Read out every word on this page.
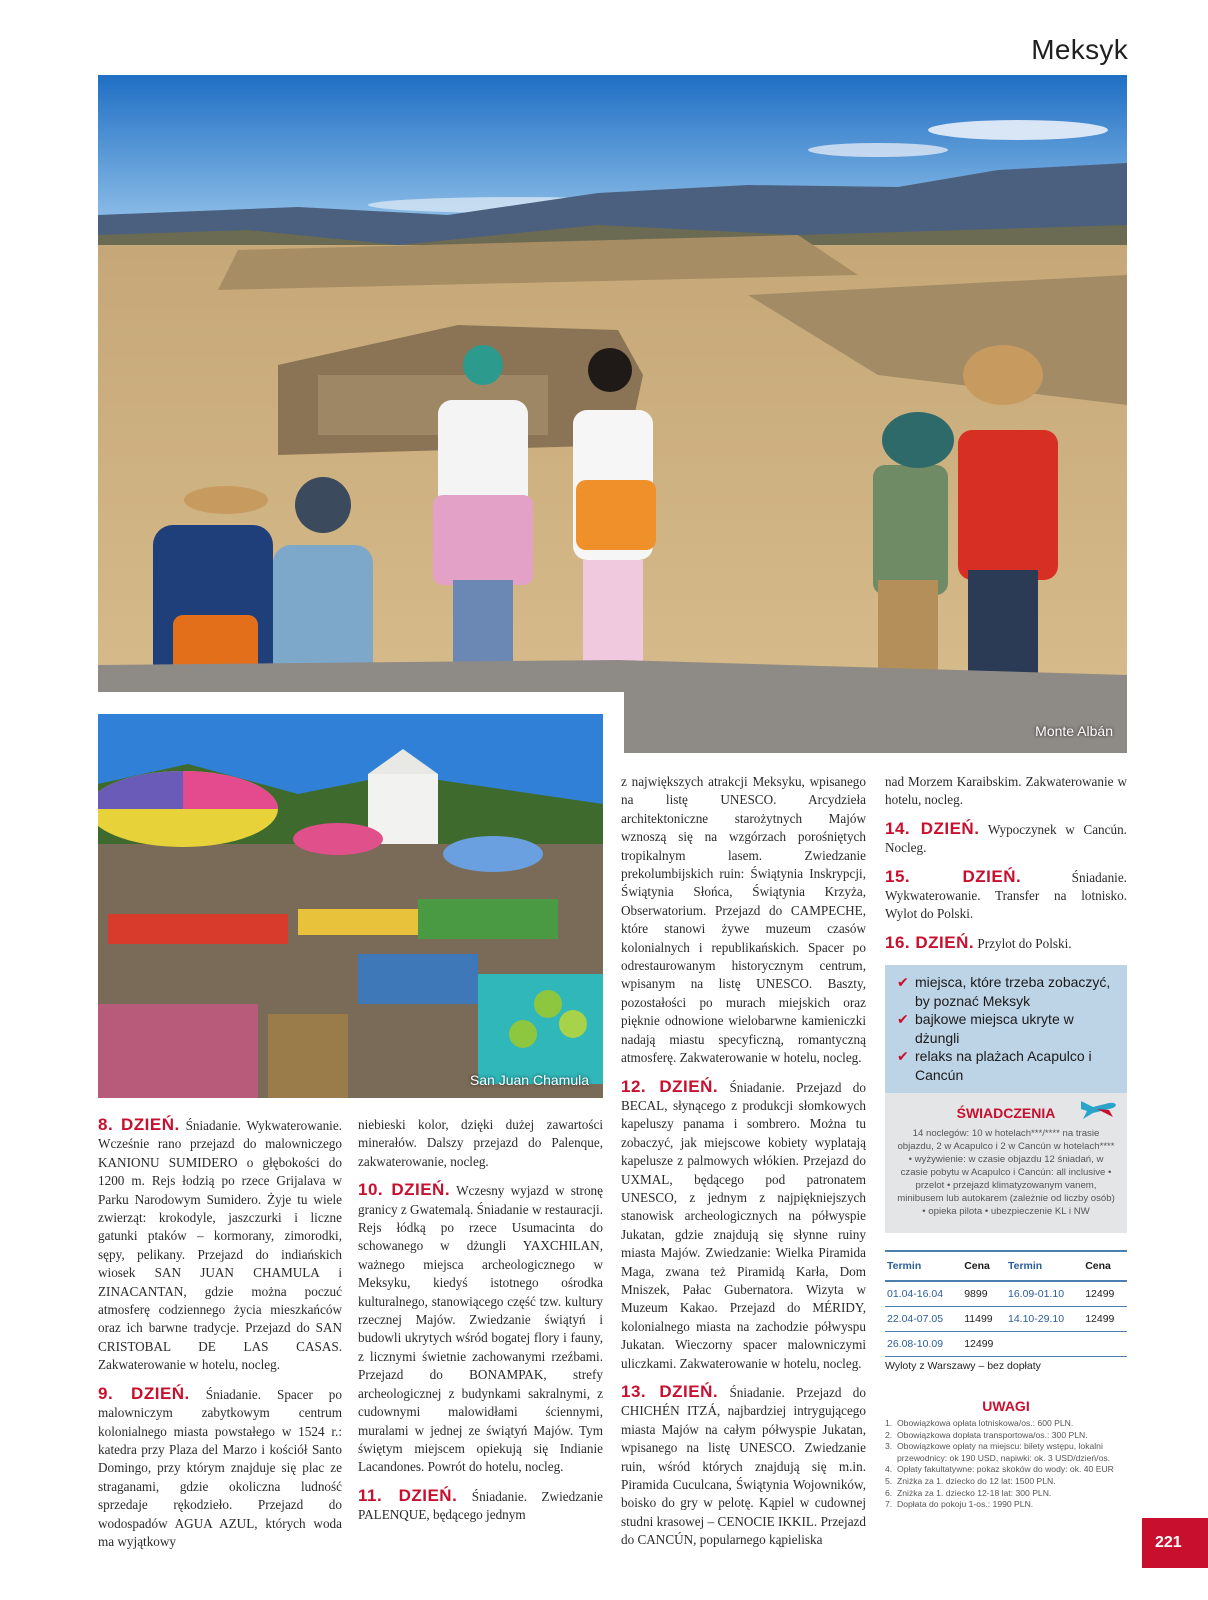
Meksyk
Monte Albán
San Juan Chamula

8. DZIEŃ. Śniadanie. Wykwaterowanie. Wcześnie rano przejazd do malowniczego KANIONU SUMIDERO o głębokości do 1200 m. Rejs łodzią po rzece Grijalava w Parku Narodowym Sumidero. Żyje tu wiele zwierząt: krokodyle, jaszczurki i liczne gatunki ptaków – kormorany, zimorodki, sępy, pelikany. Przejazd do indiańskich wiosek SAN JUAN CHAMULA i ZINACANTAN, gdzie można poczuć atmosferę codziennego życia mieszkańców oraz ich barwne tradycje. Przejazd do SAN CRISTOBAL DE LAS CASAS. Zakwaterowanie w hotelu, nocleg.

9. DZIEŃ. Śniadanie. Spacer po malowniczym zabytkowym centrum kolonialnego miasta powstałego w 1524 r.: katedra przy Plaza del Marzo i kościół Santo Domingo, przy którym znajduje się plac ze straganami, gdzie okoliczna ludność sprzedaje rękodzieło. Przejazd do wodospadów AGUA AZUL, których woda ma wyjątkowy

niebieski kolor, dzięki dużej zawartości minerałów. Dalszy przejazd do Palenque, zakwaterowanie, nocleg.

10. DZIEŃ. Wczesny wyjazd w stronę granicy z Gwatemalą. Śniadanie w restauracji. Rejs łódką po rzece Usumacinta do schowanego w dżungli YAXCHILAN, ważnego miejsca archeologicznego w Meksyku, kiedyś istotnego ośrodka kulturalnego, stanowiącego część tzw. kultury rzecznej Majów. Zwiedzanie świątyń i budowli ukrytych wśród bogatej flory i fauny, z licznymi świetnie zachowanymi rzeźbami. Przejazd do BONAMPAK, strefy archeologicznej z budynkami sakralnymi, z cudownymi malowidłami ściennymi, muralami w jednej ze świątyń Majów. Tym świętym miejscem opiekują się Indianie Lacandones. Powrót do hotelu, nocleg.

11. DZIEŃ. Śniadanie. Zwiedzanie PALENQUE, będącego jednym

z największych atrakcji Meksyku, wpisanego na listę UNESCO. Arcydzieła architektoniczne starożytnych Majów wznoszą się na wzgórzach porośniętych tropikalnym lasem. Zwiedzanie prekolumbijskich ruin: Świątynia Inskrypcji, Świątynia Słońca, Świątynia Krzyża, Obserwatorium. Przejazd do CAMPECHE, które stanowi żywe muzeum czasów kolonialnych i republikańskich. Spacer po odrestaurowanym historycznym centrum, wpisanym na listę UNESCO. Baszty, pozostałości po murach miejskich oraz pięknie odnowione wielobarwne kamieniczki nadają miastu specyficzną, romantyczną atmosferę. Zakwaterowanie w hotelu, nocleg.

12. DZIEŃ. Śniadanie. Przejazd do BECAL, słynącego z produkcji słomkowych kapeluszy panama i sombrero. Można tu zobaczyć, jak miejscowe kobiety wyplatają kapelusze z palmowych włókien. Przejazd do UXMAL, będącego pod patronatem UNESCO, z jednym z najpiękniejszych stanowisk archeologicznych na półwyspie Jukatan, gdzie znajdują się słynne ruiny miasta Majów. Zwiedzanie: Wielka Piramida Maga, zwana też Piramidą Karła, Dom Mniszek, Pałac Gubernatora. Wizyta w Muzeum Kakao. Przejazd do MÉRIDY, kolonialnego miasta na zachodzie półwyspu Jukatan. Wieczorny spacer malowniczymi uliczkami. Zakwaterowanie w hotelu, nocleg.

13. DZIEŃ. Śniadanie. Przejazd do CHICHÉN ITZÁ, najbardziej intrygującego miasta Majów na całym półwyspie Jukatan, wpisanego na listę UNESCO. Zwiedzanie ruin, wśród których znajdują się m.in. Piramida Cuculcana, Świątynia Wojowników, boisko do gry w pelotę. Kąpiel w cudownej studni krasowej – CENOCIE IKKIL. Przejazd do CANCÚN, popularnego kąpieliska

nad Morzem Karaibskim. Zakwaterowanie w hotelu, nocleg.

14. DZIEŃ. Wypoczynek w Cancún. Nocleg.

15. DZIEŃ. Śniadanie. Wykwaterowanie. Transfer na lotnisko. Wylot do Polski.

16. DZIEŃ. Przylot do Polski.

✔ miejsca, które trzeba zobaczyć, by poznać Meksyk
✔ bajkowe miejsca ukryte w dżungli
✔ relaks na plażach Acapulco i Cancún
ŚWIADCZENIA
14 noclegów: 10 w hotelach***/**** na trasie objazdu, 2 w Acapulco i 2 w Cancún w hotelach**** • wyżywienie: w czasie objazdu 12 śniadań, w czasie pobytu w Acapulco i Cancún: all inclusive • przelot • przejazd klimatyzowanym vanem, minibusem lub autokarem (zależnie od liczby osób) • opieka pilota • ubezpieczenie KL i NW
Termin	Cena	Termin	Cena
01.04-16.04	9899	16.09-01.10	12499
22.04-07.05	11499	14.10-29.10	12499
26.08-10.09	12499		
Wyloty z Warszawy – bez dopłaty
UWAGI
1. Obowiązkowa opłata lotniskowa/os.: 600 PLN.
2. Obowiązkowa dopłata transportowa/os.: 300 PLN.
3. Obowiązkowe opłaty na miejscu: bilety wstępu, lokalni przewodnicy: ok 190 USD, napiwki: ok. 3 USD/dzień/os.
4. Opłaty fakultatywne: pokaz skoków do wody: ok. 40 EUR
5. Zniżka za 1. dziecko do 12 lat: 1500 PLN.
6. Zniżka za 1. dziecko 12-18 lat: 300 PLN.
7. Dopłata do pokoju 1-os.: 1990 PLN.
221
